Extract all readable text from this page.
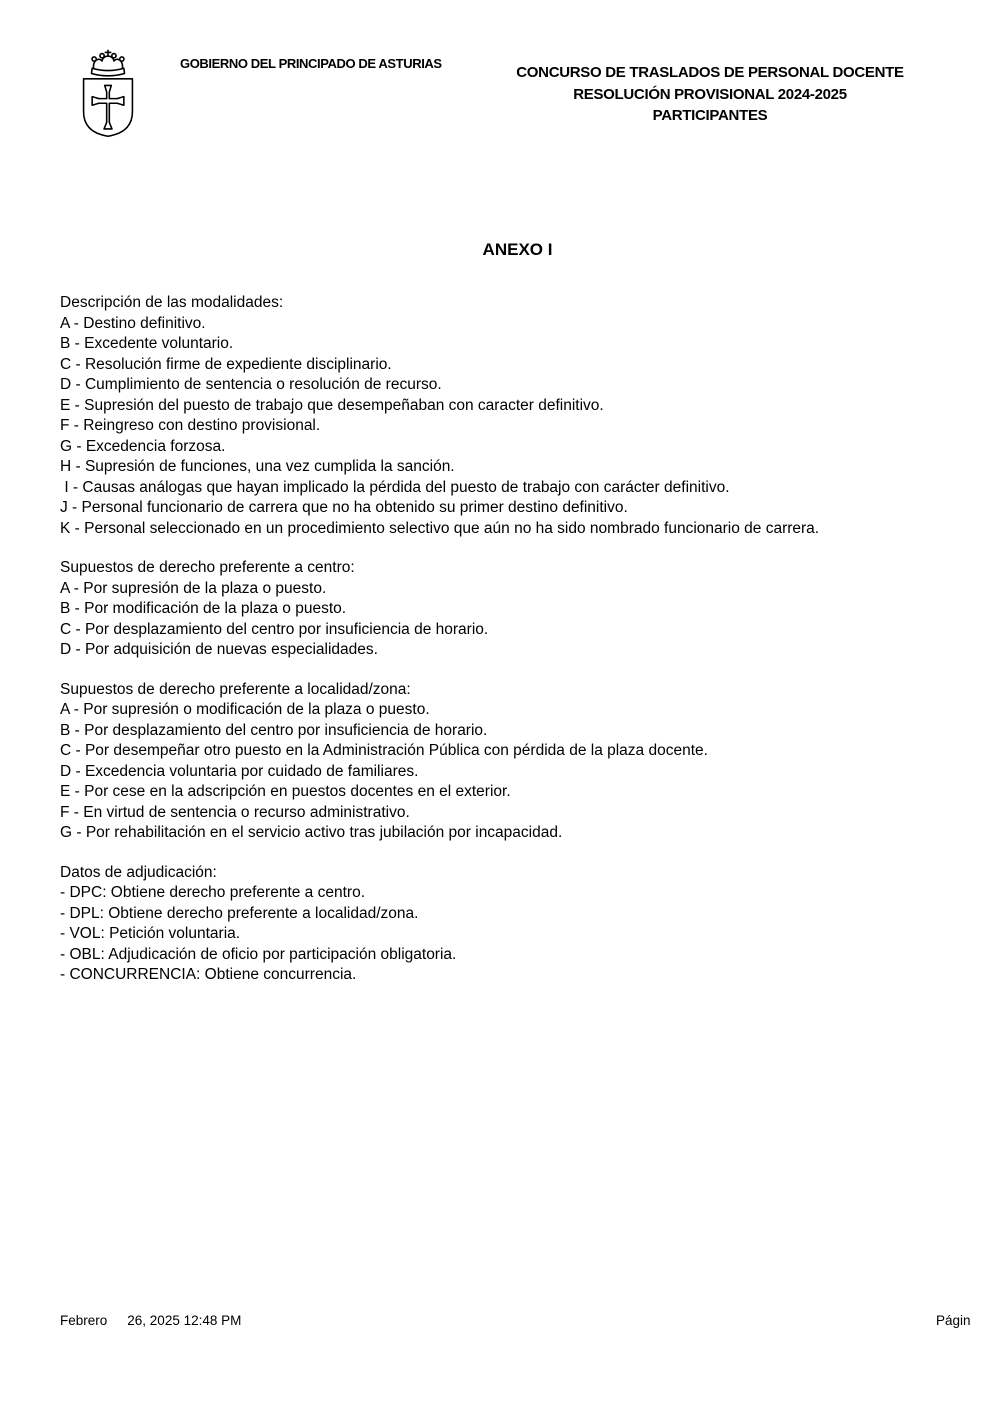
GOBIERNO DEL PRINCIPADO DE ASTURIAS
CONCURSO DE TRASLADOS DE PERSONAL DOCENTE
RESOLUCIÓN PROVISIONAL 2024-2025
PARTICIPANTES
ANEXO I
Descripción de las modalidades:
A - Destino definitivo.
B - Excedente voluntario.
C - Resolución firme de expediente disciplinario.
D - Cumplimiento de sentencia o resolución de recurso.
E - Supresión del puesto de trabajo que desempeñaban con caracter definitivo.
F - Reingreso con destino provisional.
G - Excedencia forzosa.
H - Supresión de funciones, una vez cumplida la sanción.
I - Causas análogas que hayan implicado la pérdida del puesto de trabajo con carácter definitivo.
J - Personal funcionario de carrera que no ha obtenido su primer destino definitivo.
K - Personal seleccionado en un procedimiento selectivo que aún no ha sido nombrado funcionario de carrera.
Supuestos de derecho preferente a centro:
A - Por supresión de la plaza o puesto.
B - Por modificación de la plaza o puesto.
C - Por desplazamiento del centro por insuficiencia de horario.
D - Por adquisición de nuevas especialidades.
Supuestos de derecho preferente a localidad/zona:
A - Por supresión o modificación de la plaza o puesto.
B - Por desplazamiento del centro por insuficiencia de horario.
C - Por desempeñar otro puesto en la Administración Pública con pérdida de la plaza docente.
D - Excedencia voluntaria por cuidado de familiares.
E - Por cese en la adscripción en puestos docentes en el exterior.
F - En virtud de sentencia o recurso administrativo.
G - Por rehabilitación en el servicio activo tras jubilación por incapacidad.
Datos de adjudicación:
- DPC: Obtiene derecho preferente a centro.
- DPL: Obtiene derecho preferente a localidad/zona.
- VOL: Petición voluntaria.
- OBL: Adjudicación de oficio por participación obligatoria.
- CONCURRENCIA: Obtiene concurrencia.
Febrero 26, 2025 12:48 PM	Págin
